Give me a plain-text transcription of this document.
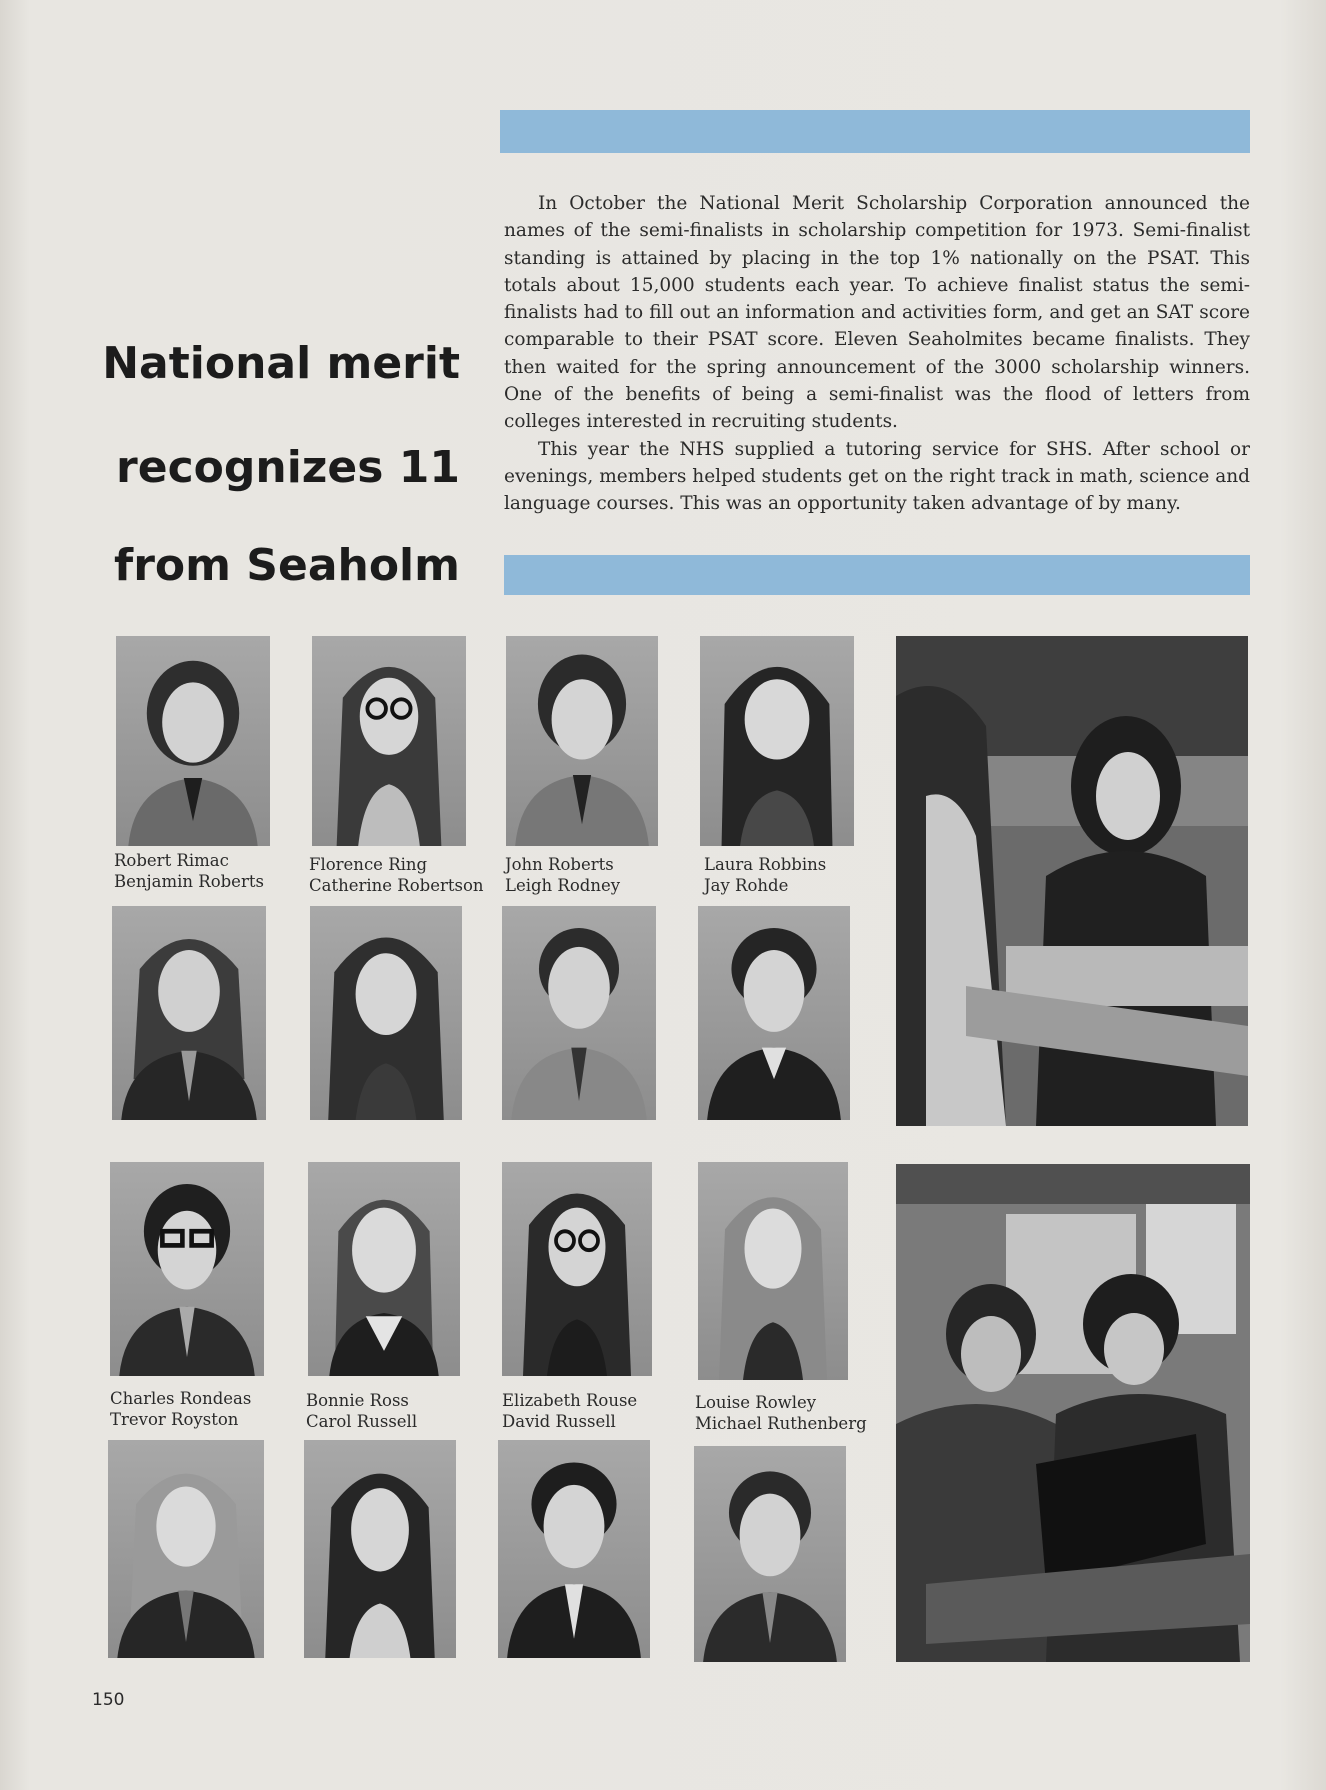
National merit
recognizes 11
from Seaholm

In October the National Merit Scholarship Corporation announced the names of the semi-finalists in scholarship competition for 1973. Semi-finalist standing is attained by placing in the top 1% nationally on the PSAT. This totals about 15,000 students each year. To achieve finalist status the semi-finalists had to fill out an information and activities form, and get an SAT score comparable to their PSAT score. Eleven Seaholmites became finalists. They then waited for the spring announcement of the 3000 scholarship winners. One of the benefits of being a semi-finalist was the flood of letters from colleges interested in recruiting students.

This year the NHS supplied a tutoring service for SHS. After school or evenings, members helped students get on the right track in math, science and language courses. This was an opportunity taken advantage of by many.

Robert Rimac
Benjamin Roberts
Florence Ring
Catherine Robertson
John Roberts
Leigh Rodney
Laura Robbins
Jay Rohde
Charles Rondeas
Trevor Royston
Bonnie Ross
Carol Russell
Elizabeth Rouse
David Russell
Louise Rowley
Michael Ruthenberg
150
